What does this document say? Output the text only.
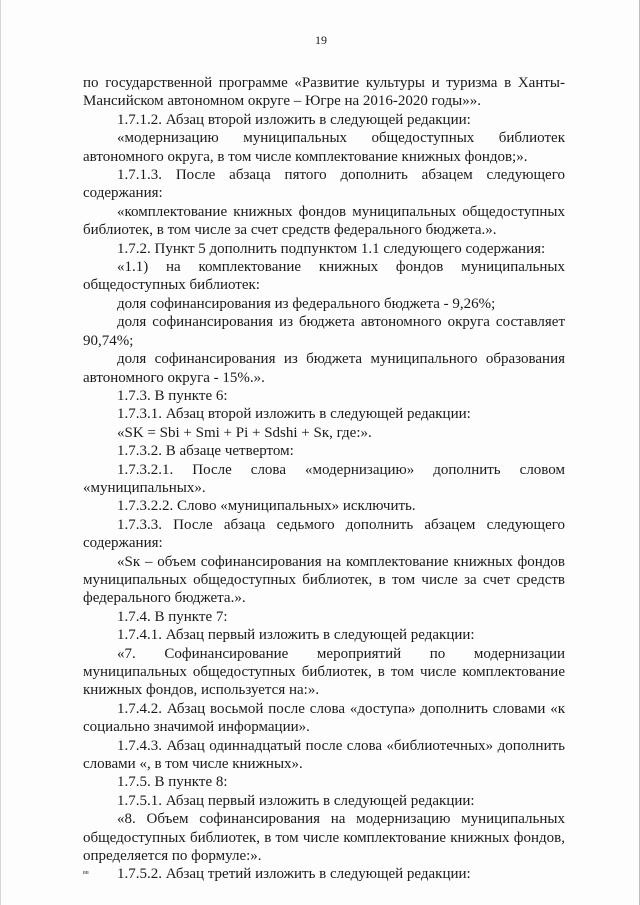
19

по государственной программе «Развитие культуры и туризма в Ханты-Мансийском автономном округе – Югре на 2016-2020 годы»».

1.7.1.2. Абзац второй изложить в следующей редакции:

«модернизацию муниципальных общедоступных библиотек автономного округа, в том числе комплектование книжных фондов;».

1.7.1.3. После абзаца пятого дополнить абзацем следующего содержания:

«комплектование книжных фондов муниципальных общедоступных библиотек, в том числе за счет средств федерального бюджета.».

1.7.2. Пункт 5 дополнить подпунктом 1.1 следующего содержания:

«1.1) на комплектование книжных фондов муниципальных общедоступных библиотек:

доля софинансирования из федерального бюджета - 9,26%;

доля софинансирования из бюджета автономного округа составляет 90,74%;

доля софинансирования из бюджета муниципального образования автономного округа - 15%.».

1.7.3. В пункте 6:

1.7.3.1. Абзац второй изложить в следующей редакции:

«SK = Sbi + Smi + Pi + Sdshi + Sк, где:».

1.7.3.2. В абзаце четвертом:

1.7.3.2.1. После слова «модернизацию» дополнить словом «муниципальных».

1.7.3.2.2. Слово «муниципальных» исключить.

1.7.3.3. После абзаца седьмого дополнить абзацем следующего содержания:

«Sк – объем софинансирования на комплектование книжных фондов муниципальных общедоступных библиотек, в том числе за счет средств федерального бюджета.».

1.7.4. В пункте 7:

1.7.4.1. Абзац первый изложить в следующей редакции:

«7. Софинансирование мероприятий по модернизации муниципальных общедоступных библиотек, в том числе комплектование книжных фондов, используется на:».

1.7.4.2. Абзац восьмой после слова «доступа» дополнить словами «к социально значимой информации».

1.7.4.3. Абзац одиннадцатый после слова «библиотечных» дополнить словами «, в том числе книжных».

1.7.5. В пункте 8:

1.7.5.1. Абзац первый изложить в следующей редакции:

«8. Объем софинансирования на модернизацию муниципальных общедоступных библиотек, в том числе комплектование книжных фондов, определяется по формуле:».

1.7.5.2. Абзац третий изложить в следующей редакции:

вв
